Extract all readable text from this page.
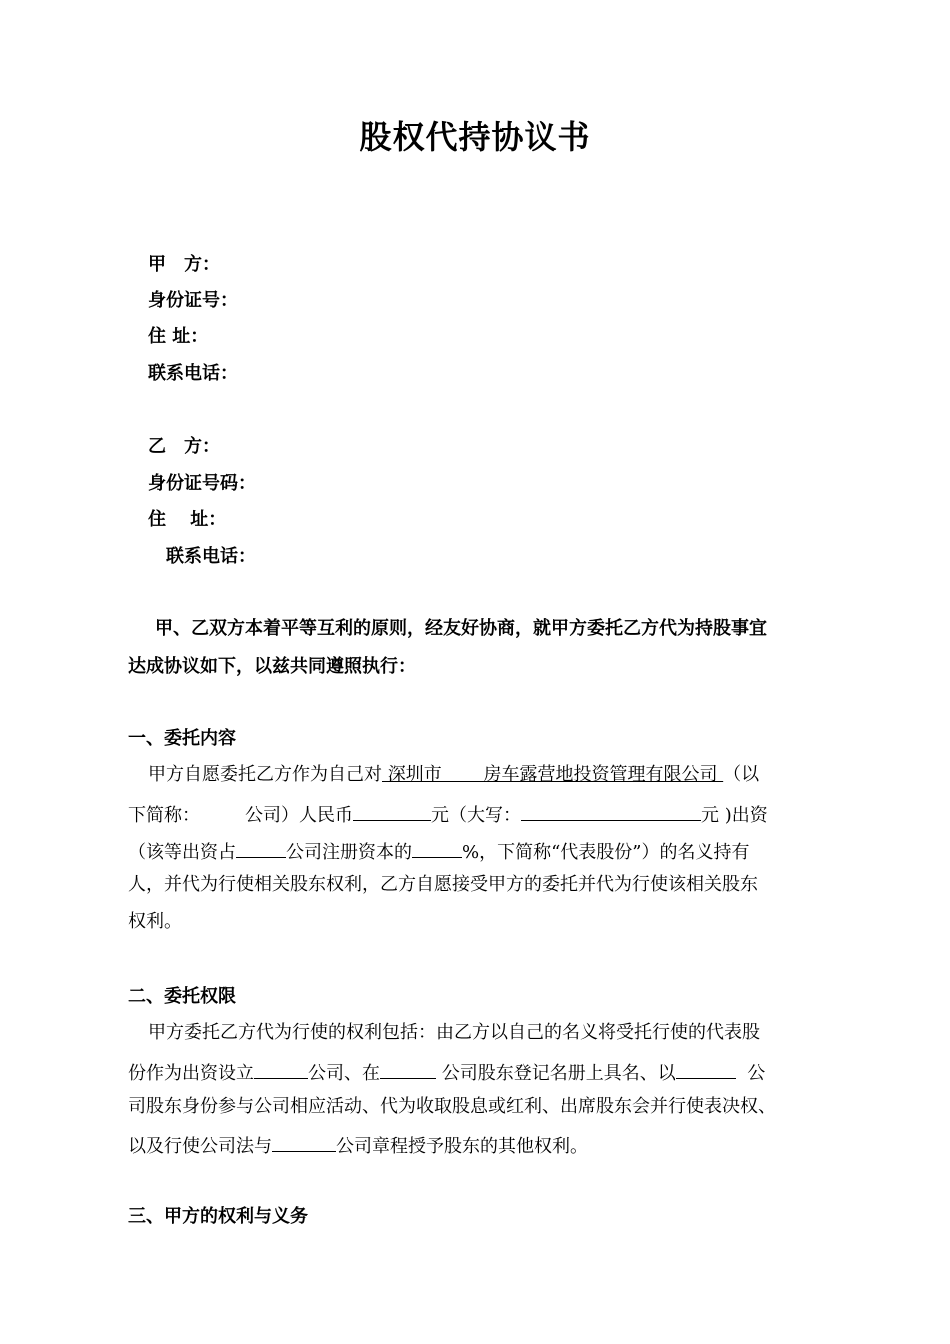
股权代持协议书
甲　方：
身份证号：
住 址：
联系电话：
乙　方：
身份证号码：
住　 址：
联系电话：
甲、乙双方本着平等互利的原则，经友好协商，就甲方委托乙方代为持股事宜
达成协议如下，以兹共同遵照执行：
一、委托内容
甲方自愿委托乙方作为自己对 深圳市　　 房车露营地投资管理有限公司 （以
下简称：　　　公司）人民币	元（大写：	元 )出资
（该等出资占	公司注册资本的	%，下简称“代表股份”）的名义持有
人，并代为行使相关股东权利，乙方自愿接受甲方的委托并代为行使该相关股东
权利。
二、委托权限
甲方委托乙方代为行使的权利包括：由乙方以自己的名义将受托行使的代表股
份作为出资设立	公司、在	公司股东登记名册上具名、以	公
司股东身份参与公司相应活动、代为收取股息或红利、出席股东会并行使表决权、
以及行使公司法与	公司章程授予股东的其他权利。
三、甲方的权利与义务
